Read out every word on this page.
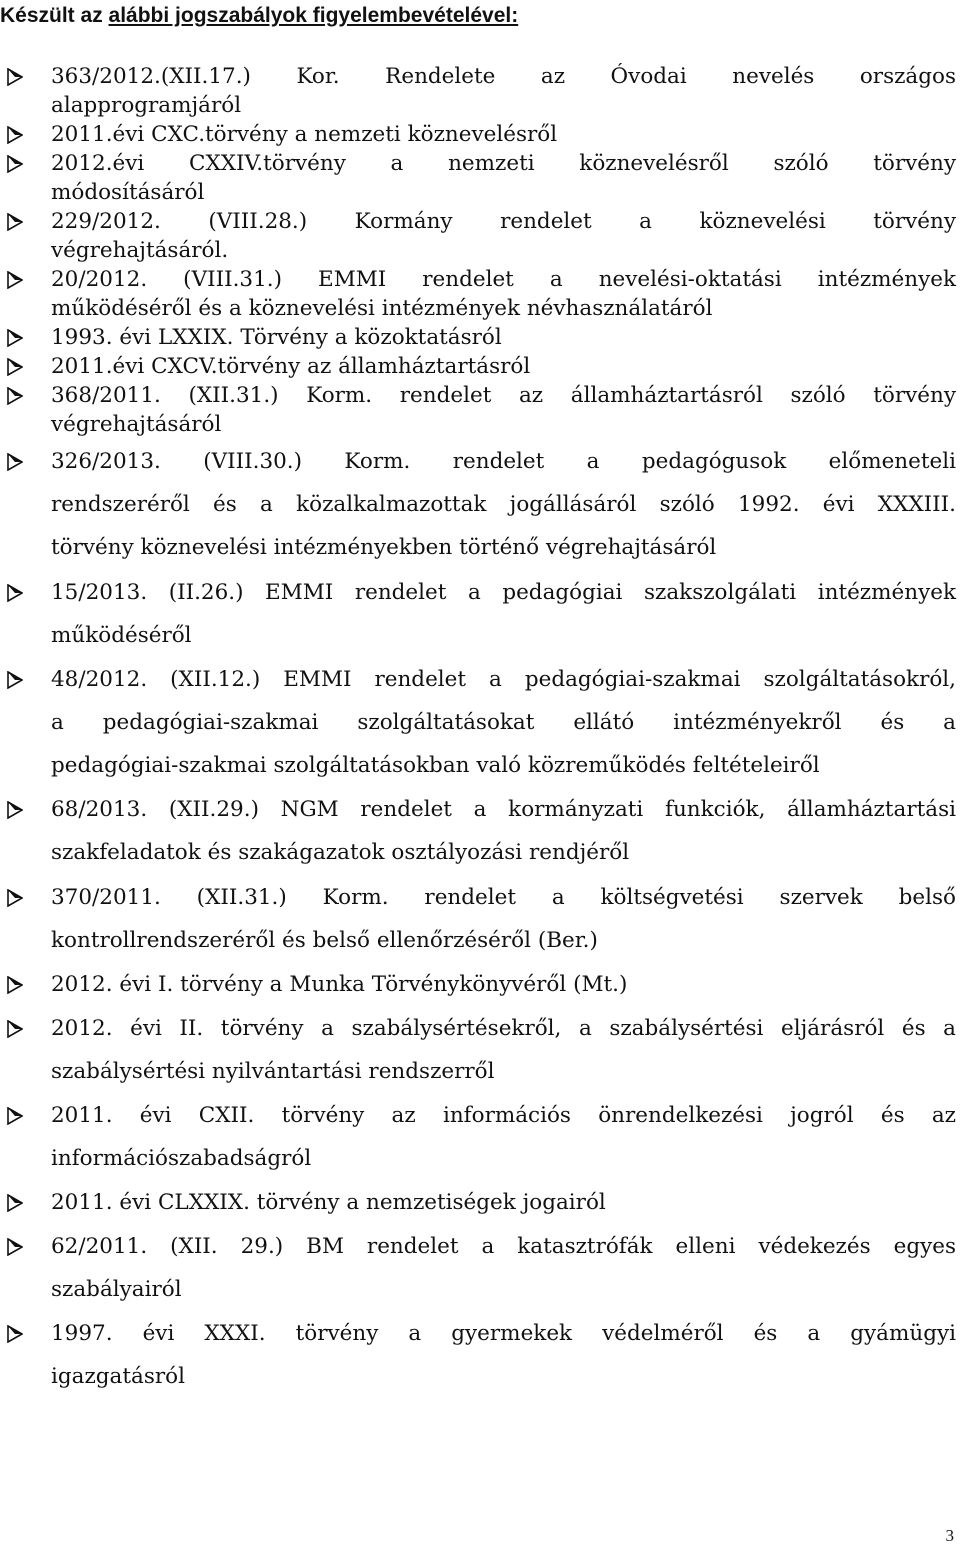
Készült az alábbi jogszabályok figyelembevételével:
363/2012.(XII.17.) Kor. Rendelete az Óvodai nevelés országos
alapprogramjáról
2011.évi CXC.törvény a nemzeti köznevelésről
2012.évi CXXIV.törvény a nemzeti köznevelésről szóló törvény
módosításáról
229/2012. (VIII.28.) Kormány rendelet a köznevelési törvény
végrehajtásáról.
20/2012. (VIII.31.) EMMI rendelet a nevelési-oktatási intézmények
működéséről és a köznevelési intézmények névhasználatáról
1993. évi LXXIX. Törvény a közoktatásról
2011.évi CXCV.törvény az államháztartásról
368/2011. (XII.31.) Korm. rendelet az államháztartásról szóló törvény
végrehajtásáról
326/2013. (VIII.30.) Korm. rendelet a pedagógusok előmeneteli
rendszeréről és a közalkalmazottak jogállásáról szóló 1992. évi XXXIII.
törvény köznevelési intézményekben történő végrehajtásáról
15/2013. (II.26.) EMMI rendelet a pedagógiai szakszolgálati intézmények
működéséről
48/2012. (XII.12.) EMMI rendelet a pedagógiai-szakmai szolgáltatásokról,
a pedagógiai-szakmai szolgáltatásokat ellátó intézményekről és a
pedagógiai-szakmai szolgáltatásokban való közreműködés feltételeiről
68/2013. (XII.29.) NGM rendelet a kormányzati funkciók, államháztartási
szakfeladatok és szakágazatok osztályozási rendjéről
370/2011. (XII.31.) Korm. rendelet a költségvetési szervek belső
kontrollrendszeréről és belső ellenőrzéséről (Ber.)
2012. évi I. törvény a Munka Törvénykönyvéről (Mt.)
2012. évi II. törvény a szabálysértésekről, a szabálysértési eljárásról és a
szabálysértési nyilvántartási rendszerről
2011. évi CXII. törvény az információs önrendelkezési jogról és az
információszabadságról
2011. évi CLXXIX. törvény a nemzetiségek jogairól
62/2011. (XII. 29.) BM rendelet a katasztrófák elleni védekezés egyes
szabályairól
1997. évi XXXI. törvény a gyermekek védelméről és a gyámügyi
igazgatásról
3
